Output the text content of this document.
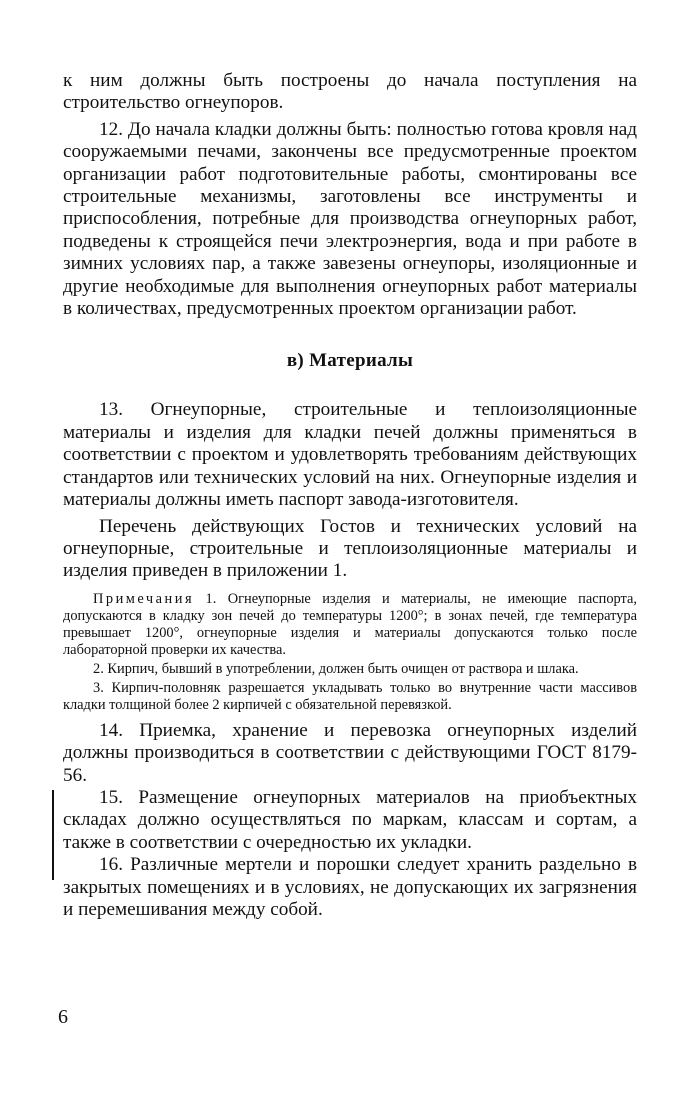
к ним должны быть построены до начала поступления на строительство огнеупоров.

12. До начала кладки должны быть: полностью готова кровля над сооружаемыми печами, закончены все предусмотренные проектом организации работ подготовительные работы, смонтированы все строительные механизмы, заготовлены все инструменты и приспособления, потребные для производства огнеупорных работ, подведены к строящейся печи электроэнергия, вода и при работе в зимних условиях пар, а также завезены огнеупоры, изоляционные и другие необходимые для выполнения огнеупорных работ материалы в количествах, предусмотренных проектом организации работ.

в) Материалы

13. Огнеупорные, строительные и теплоизоляционные материалы и изделия для кладки печей должны применяться в соответствии с проектом и удовлетворять требованиям действующих стандартов или технических условий на них. Огнеупорные изделия и материалы должны иметь паспорт завода-изготовителя.

Перечень действующих Гостов и технических условий на огнеупорные, строительные и теплоизоляционные материалы и изделия приведен в приложении 1.

Примечания 1. Огнеупорные изделия и материалы, не имеющие паспорта, допускаются в кладку зон печей до температуры 1200°; в зонах печей, где температура превышает 1200°, огнеупорные изделия и материалы допускаются только после лабораторной проверки их качества.

2. Кирпич, бывший в употреблении, должен быть очищен от раствора и шлака.

3. Кирпич-половняк разрешается укладывать только во внутренние части массивов кладки толщиной более 2 кирпичей с обязательной перевязкой.

14. Приемка, хранение и перевозка огнеупорных изделий должны производиться в соответствии с действующими ГОСТ 8179-56.

15. Размещение огнеупорных материалов на приобъектных складах должно осуществляться по маркам, классам и сортам, а также в соответствии с очередностью их укладки.

16. Различные мертели и порошки следует хранить раздельно в закрытых помещениях и в условиях, не допускающих их загрязнения и перемешивания между собой.

6
